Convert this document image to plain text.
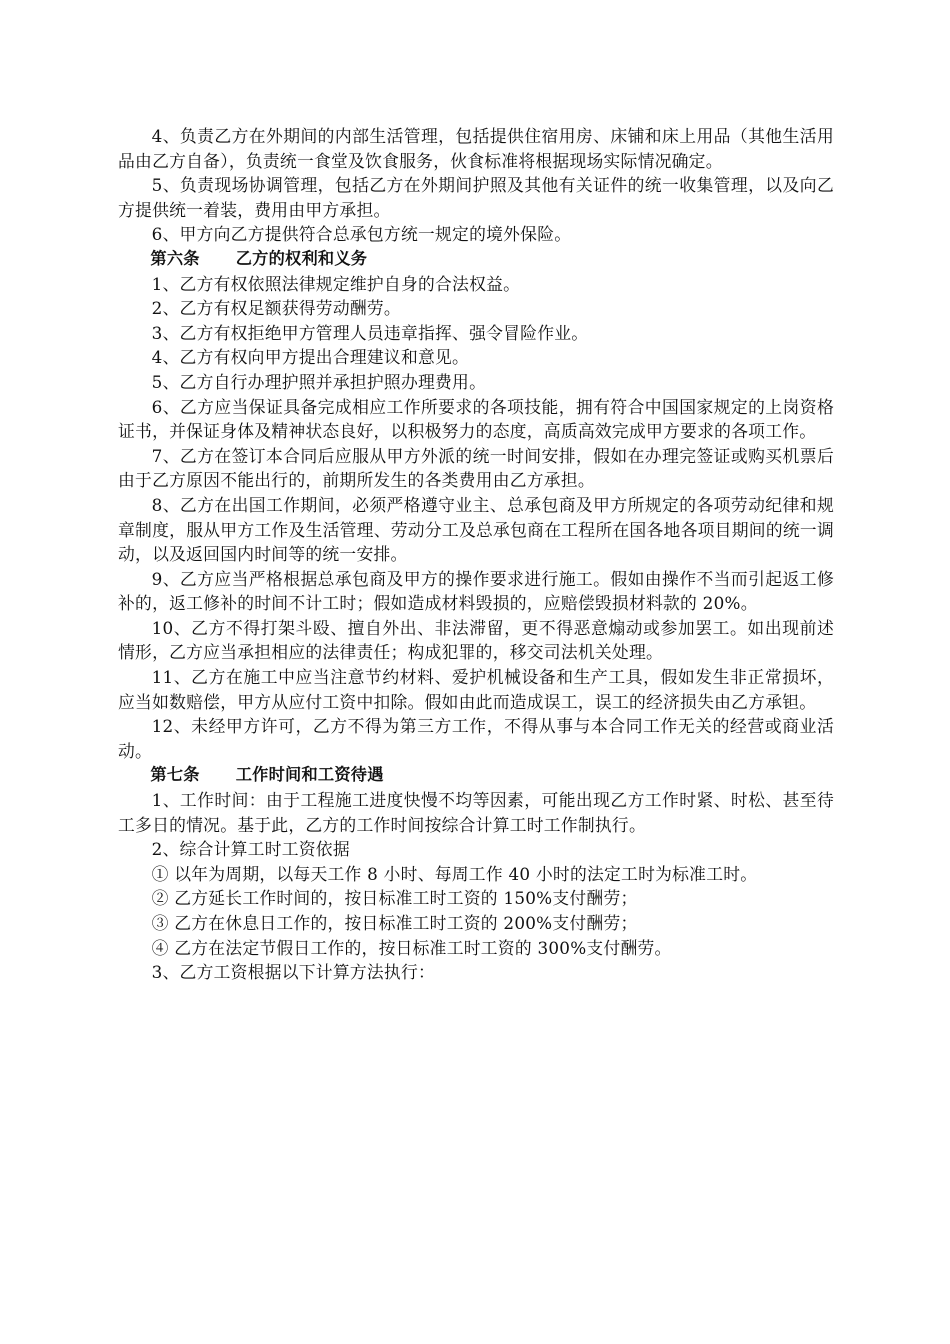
4、负责乙方在外期间的内部生活管理，包括提供住宿用房、床铺和床上用品（其他生活用品由乙方自备），负责统一食堂及饮食服务，伙食标准将根据现场实际情况确定。

5、负责现场协调管理，包括乙方在外期间护照及其他有关证件的统一收集管理，以及向乙方提供统一着装，费用由甲方承担。

6、甲方向乙方提供符合总承包方统一规定的境外保险。

第六条 乙方的权利和义务

1、乙方有权依照法律规定维护自身的合法权益。

2、乙方有权足额获得劳动酬劳。

3、乙方有权拒绝甲方管理人员违章指挥、强令冒险作业。

4、乙方有权向甲方提出合理建议和意见。

5、乙方自行办理护照并承担护照办理费用。

6、乙方应当保证具备完成相应工作所要求的各项技能，拥有符合中国国家规定的上岗资格证书，并保证身体及精神状态良好，以积极努力的态度，高质高效完成甲方要求的各项工作。

7、乙方在签订本合同后应服从甲方外派的统一时间安排，假如在办理完签证或购买机票后由于乙方原因不能出行的，前期所发生的各类费用由乙方承担。

8、乙方在出国工作期间，必须严格遵守业主、总承包商及甲方所规定的各项劳动纪律和规章制度，服从甲方工作及生活管理、劳动分工及总承包商在工程所在国各地各项目期间的统一调动，以及返回国内时间等的统一安排。

9、乙方应当严格根据总承包商及甲方的操作要求进行施工。假如由操作不当而引起返工修补的，返工修补的时间不计工时；假如造成材料毁损的，应赔偿毁损材料款的 20%。

10、乙方不得打架斗殴、擅自外出、非法滞留，更不得恶意煽动或参加罢工。如出现前述情形，乙方应当承担相应的法律责任；构成犯罪的，移交司法机关处理。

11、乙方在施工中应当注意节约材料、爱护机械设备和生产工具，假如发生非正常损坏，应当如数赔偿，甲方从应付工资中扣除。假如由此而造成误工，误工的经济损失由乙方承钽。

12、未经甲方许可，乙方不得为第三方工作，不得从事与本合同工作无关的经营或商业活动。

第七条 工作时间和工资待遇

1、工作时间：由于工程施工进度快慢不均等因素，可能出现乙方工作时紧、时松、甚至待工多日的情况。基于此，乙方的工作时间按综合计算工时工作制执行。

2、综合计算工时工资依据

① 以年为周期，以每天工作 8 小时、每周工作 40 小时的法定工时为标准工时。

② 乙方延长工作时间的，按日标准工时工资的 150%支付酬劳；

③ 乙方在休息日工作的，按日标准工时工资的 200%支付酬劳；

④ 乙方在法定节假日工作的，按日标准工时工资的 300%支付酬劳。

3、乙方工资根据以下计算方法执行：
